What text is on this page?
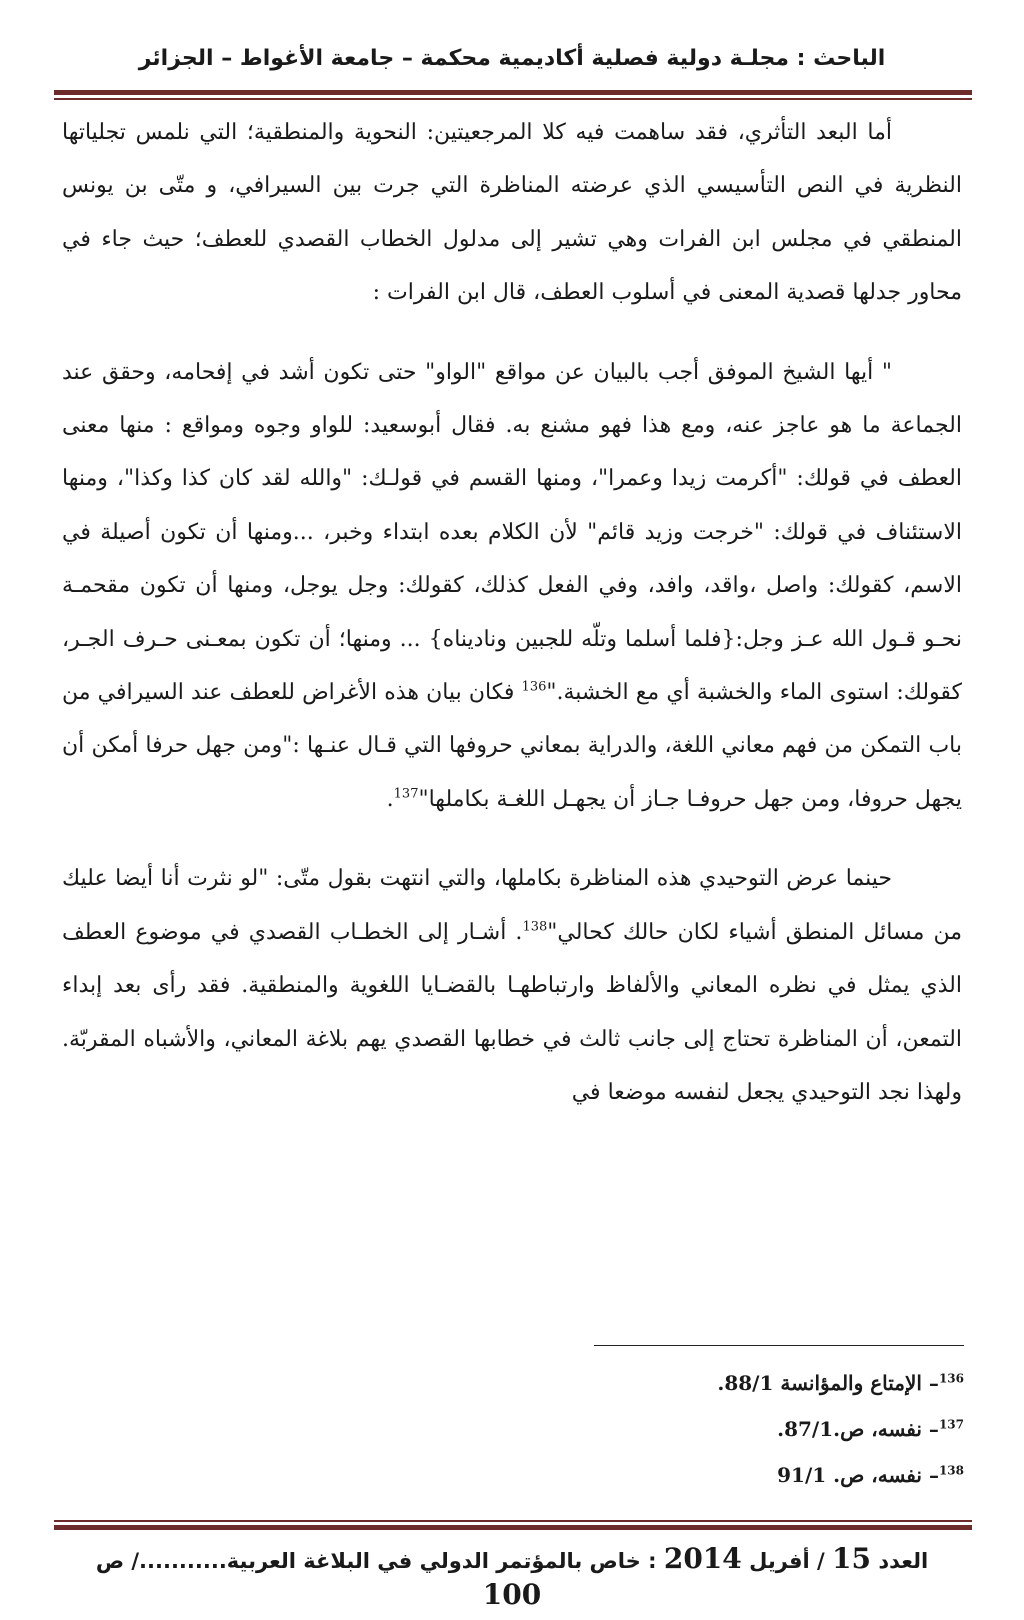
الباحث : مجلـة دولية فصلية أكاديمية محكمة – جامعة الأغواط – الجزائر

أما البعد التأثري، فقد ساهمت فيه كلا المرجعيتين: النحوية والمنطقية؛ التي نلمس تجلياتها النظرية في النص التأسيسي الذي عرضته المناظرة التي جرت بين السيرافي، و متّى بن يونس المنطقي في مجلس ابن الفرات وهي تشير إلى مدلول الخطاب القصدي للعطف؛ حيث جاء في محاور جدلها قصدية المعنى في أسلوب العطف، قال ابن الفرات :

" أيها الشيخ الموفق أجب بالبيان عن مواقع "الواو" حتى تكون أشد في إفحامه، وحقق عند الجماعة ما هو عاجز عنه، ومع هذا فهو مشنع به. فقال أبوسعيد: للواو وجوه ومواقع : منها معنى العطف في قولك: "أكرمت زيدا وعمرا"، ومنها القسم في قولـك: "والله لقد كان كذا وكذا"، ومنها الاستئناف في قولك: "خرجت وزيد قائم" لأن الكلام بعده ابتداء وخبر، ...ومنها أن تكون أصيلة في الاسم، كقولك: واصل ،واقد، وافد، وفي الفعل كذلك، كقولك: وجل يوجل، ومنها أن تكون مقحمـة نحـو قـول الله عـز وجل:{فلما أسلما وتلّه للجبين وناديناه} ... ومنها؛ أن تكون بمعـنى حـرف الجـر، كقولك: استوى الماء والخشبة أي مع الخشبة."$^{136}$ فكان بيان هذه الأغراض للعطف عند السيرافي من باب التمكن من فهم معاني اللغة، والدراية بمعاني حروفها التي قـال عنـها :"ومن جهل حرفا أمكن أن يجهل حروفا، ومن جهل حروفـا جـاز أن يجهـل اللغـة بكاملها"$^{137}$.

حينما عرض التوحيدي هذه المناظرة بكاملها، والتي انتهت بقول متّى: "لو نثرت أنا أيضا عليك من مسائل المنطق أشياء لكان حالك كحالي"$^{138}$. أشـار إلى الخطـاب القصدي في موضوع العطف الذي يمثل في نظره المعاني والألفاظ وارتباطهـا بالقضـايا اللغوية والمنطقية. فقد رأى بعد إبداء التمعن، أن المناظرة تحتاج إلى جانب ثالث في خطابها القصدي يهم بلاغة المعاني، والأشباه المقربّة. ولهذا نجد التوحيدي يجعل لنفسه موضعا في

$^{136}$– الإمتاع والمؤانسة 88/1.
$^{137}$– نفسه، ص.87/1.
$^{138}$– نفسه، ص. 91/1
العدد 15 / أفريل 2014 : خاص بالمؤتمر الدولي في البلاغة العربية.........../ ص 100
